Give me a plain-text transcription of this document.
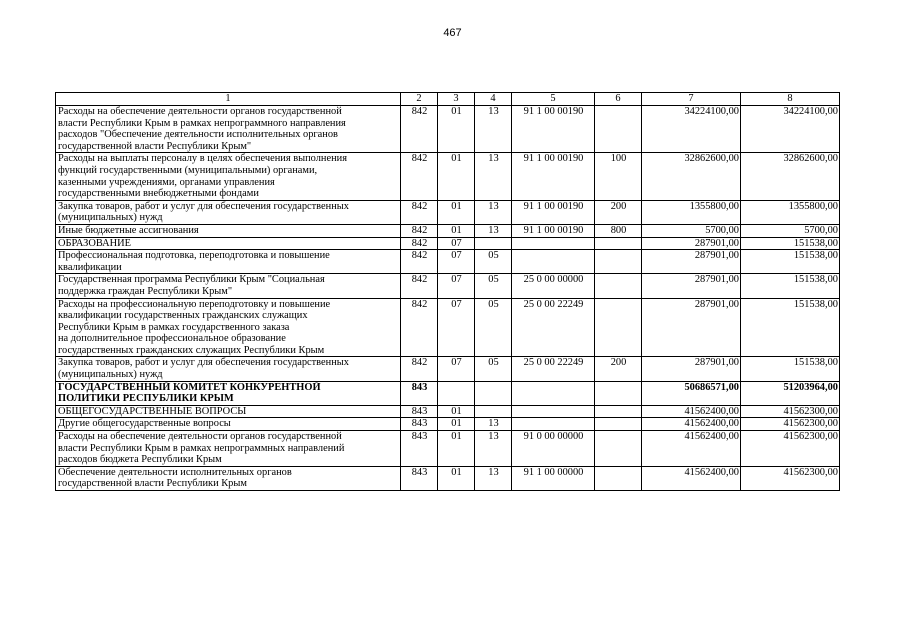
467
1	2	3	4	5	6	7	8

Расходы на обеспечение деятельности органов государственной
власти Республики Крым в рамках непрограммного направления
расходов "Обеспечение деятельности исполнительных органов
государственной власти Республики Крым"	842	01	13	91 1 00 00190		34224100,00	34224100,00

Расходы на выплаты персоналу в целях обеспечения выполнения
функций государственными (муниципальными) органами,
казенными учреждениями, органами управления
государственными внебюджетными фондами	842	01	13	91 1 00 00190	100	32862600,00	32862600,00

Закупка товаров, работ и услуг для обеспечения государственных
(муниципальных) нужд	842	01	13	91 1 00 00190	200	1355800,00	1355800,00

Иные бюджетные ассигнования	842	01	13	91 1 00 00190	800	5700,00	5700,00

ОБРАЗОВАНИЕ	842	07				287901,00	151538,00

Профессиональная подготовка, переподготовка и повышение
квалификации	842	07	05			287901,00	151538,00

Государственная программа Республики Крым "Социальная
поддержка граждан Республики Крым"	842	07	05	25 0 00 00000		287901,00	151538,00

Расходы на профессиональную переподготовку и повышение
квалификации государственных гражданских служащих
Республики Крым в рамках государственного заказа
на дополнительное профессиональное образование
государственных гражданских служащих Республики Крым	842	07	05	25 0 00 22249		287901,00	151538,00

Закупка товаров, работ и услуг для обеспечения государственных
(муниципальных) нужд	842	07	05	25 0 00 22249	200	287901,00	151538,00

ГОСУДАРСТВЕННЫЙ КОМИТЕТ КОНКУРЕНТНОЙ
ПОЛИТИКИ РЕСПУБЛИКИ КРЫМ	843					50686571,00	51203964,00

ОБЩЕГОСУДАРСТВЕННЫЕ ВОПРОСЫ	843	01				41562400,00	41562300,00

Другие общегосударственные вопросы	843	01	13			41562400,00	41562300,00

Расходы на обеспечение деятельности органов государственной
власти Республики Крым в рамках непрограммных направлений
расходов бюджета Республики Крым	843	01	13	91 0 00 00000		41562400,00	41562300,00

Обеспечение деятельности исполнительных органов
государственной власти Республики Крым	843	01	13	91 1 00 00000		41562400,00	41562300,00
